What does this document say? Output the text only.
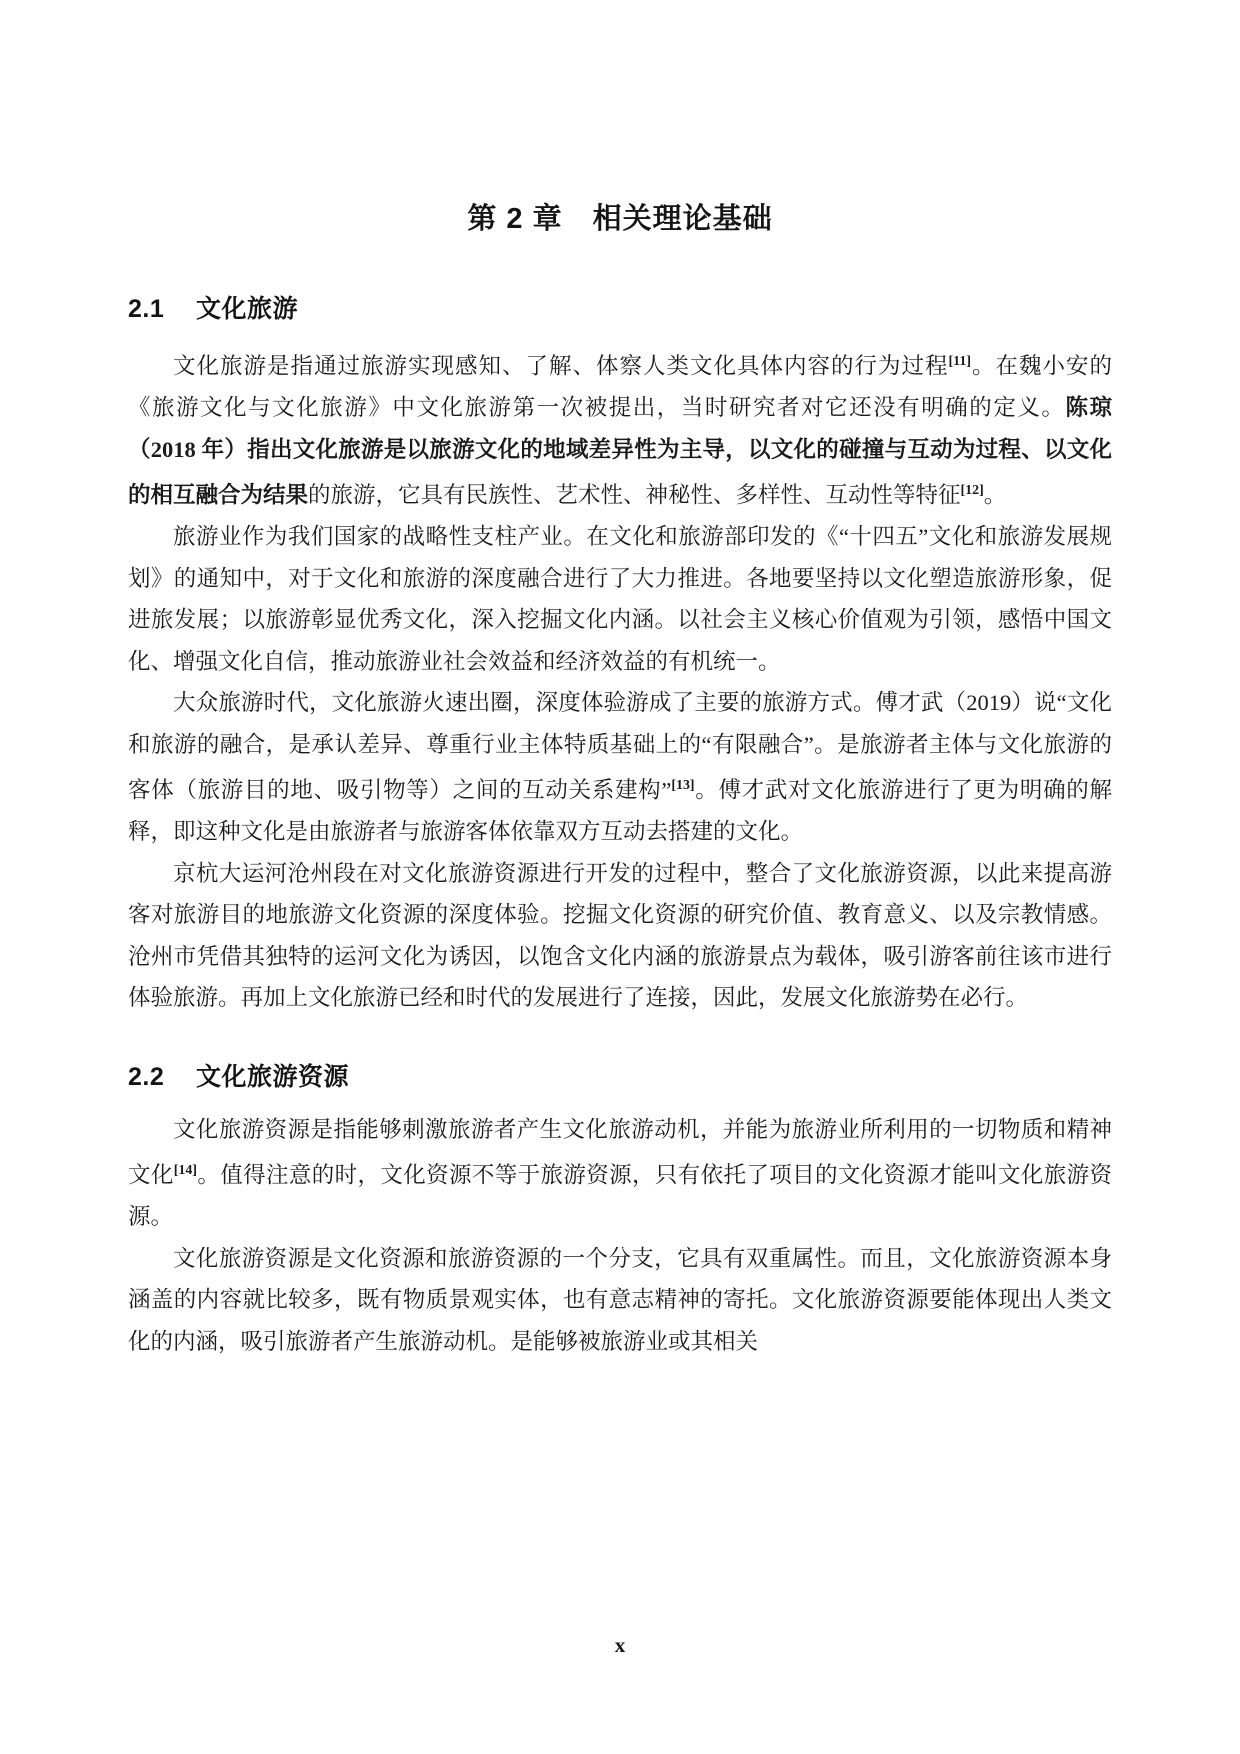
第 2 章　相关理论基础
2.1 文化旅游

文化旅游是指通过旅游实现感知、了解、体察人类文化具体内容的行为过程[11]。在魏小安的《旅游文化与文化旅游》中文化旅游第一次被提出，当时研究者对它还没有明确的定义。陈琼（2018 年）指出文化旅游是以旅游文化的地域差异性为主导，以文化的碰撞与互动为过程、以文化的相互融合为结果的旅游，它具有民族性、艺术性、神秘性、多样性、互动性等特征[12]。

旅游业作为我们国家的战略性支柱产业。在文化和旅游部印发的《“十四五”文化和旅游发展规划》的通知中，对于文化和旅游的深度融合进行了大力推进。各地要坚持以文化塑造旅游形象，促进旅发展；以旅游彰显优秀文化，深入挖掘文化内涵。以社会主义核心价值观为引领，感悟中国文化、增强文化自信，推动旅游业社会效益和经济效益的有机统一。

大众旅游时代，文化旅游火速出圈，深度体验游成了主要的旅游方式。傅才武（2019）说“文化和旅游的融合，是承认差异、尊重行业主体特质基础上的“有限融合”。是旅游者主体与文化旅游的客体（旅游目的地、吸引物等）之间的互动关系建构”[13]。傅才武对文化旅游进行了更为明确的解释，即这种文化是由旅游者与旅游客体依靠双方互动去搭建的文化。

京杭大运河沧州段在对文化旅游资源进行开发的过程中，整合了文化旅游资源，以此来提高游客对旅游目的地旅游文化资源的深度体验。挖掘文化资源的研究价值、教育意义、以及宗教情感。沧州市凭借其独特的运河文化为诱因，以饱含文化内涵的旅游景点为载体，吸引游客前往该市进行体验旅游。再加上文化旅游已经和时代的发展进行了连接，因此，发展文化旅游势在必行。

2.2 文化旅游资源

文化旅游资源是指能够刺激旅游者产生文化旅游动机，并能为旅游业所利用的一切物质和精神文化[14]。值得注意的时，文化资源不等于旅游资源，只有依托了项目的文化资源才能叫文化旅游资源。

文化旅游资源是文化资源和旅游资源的一个分支，它具有双重属性。而且，文化旅游资源本身涵盖的内容就比较多，既有物质景观实体，也有意志精神的寄托。文化旅游资源要能体现出人类文化的内涵，吸引旅游者产生旅游动机。是能够被旅游业或其相关

x
